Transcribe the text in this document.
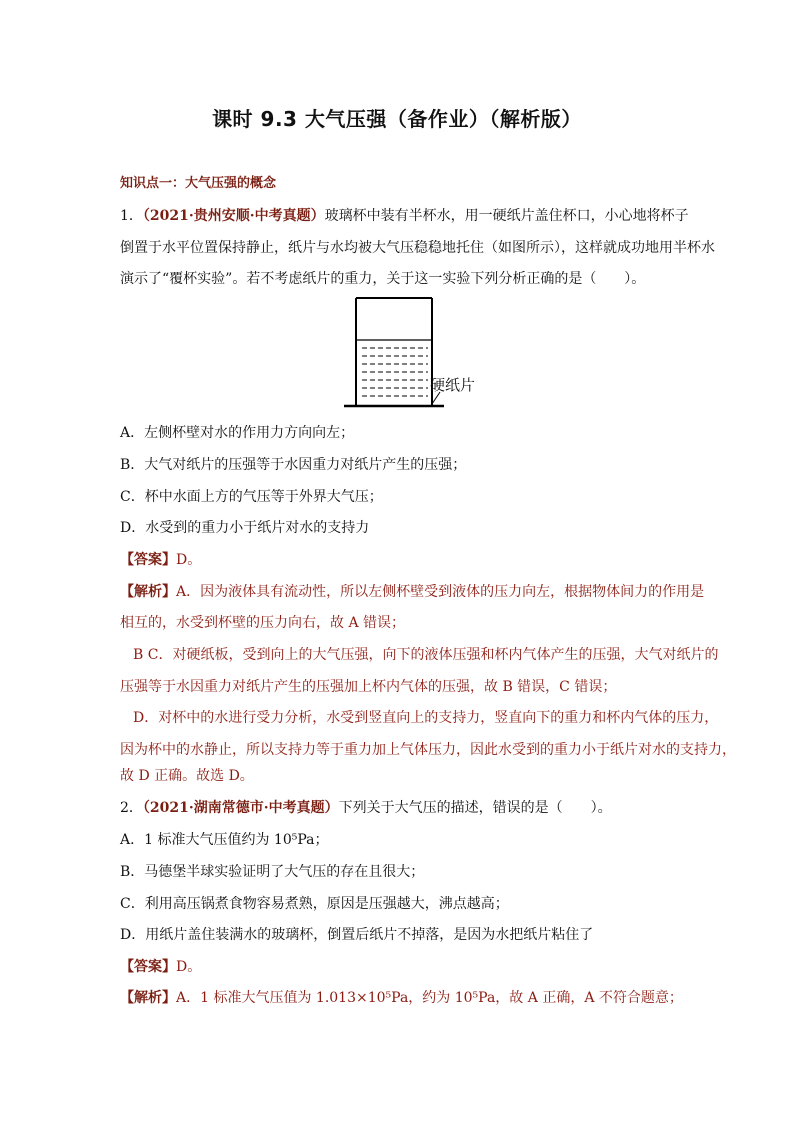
课时 9.3 大气压强（备作业）（解析版）
知识点一：大气压强的概念
1．（2021·贵州安顺·中考真题）玻璃杯中装有半杯水，用一硬纸片盖住杯口，小心地将杯子
倒置于水平位置保持静止，纸片与水均被大气压稳稳地托住（如图所示），这样就成功地用半杯水
演示了“覆杯实验”。若不考虑纸片的重力，关于这一实验下列分析正确的是（　　）。
硬纸片
A．左侧杯壁对水的作用力方向向左；
B．大气对纸片的压强等于水因重力对纸片产生的压强；
C．杯中水面上方的气压等于外界大气压；
D．水受到的重力小于纸片对水的支持力
【答案】D。
【解析】A．因为液体具有流动性，所以左侧杯壁受到液体的压力向左，根据物体间力的作用是
相互的，水受到杯壁的压力向右，故 A 错误；
B C．对硬纸板，受到向上的大气压强，向下的液体压强和杯内气体产生的压强，大气对纸片的
压强等于水因重力对纸片产生的压强加上杯内气体的压强，故 B 错误，C 错误；
D．对杯中的水进行受力分析，水受到竖直向上的支持力，竖直向下的重力和杯内气体的压力，
因为杯中的水静止，所以支持力等于重力加上气体压力，因此水受到的重力小于纸片对水的支持力，
故 D 正确。故选 D。
2．（2021·湖南常德市·中考真题）下列关于大气压的描述，错误的是（　　）。
A．1 标准大气压值约为 10⁵Pa；
B．马德堡半球实验证明了大气压的存在且很大；
C．利用高压锅煮食物容易煮熟，原因是压强越大，沸点越高；
D．用纸片盖住装满水的玻璃杯，倒置后纸片不掉落，是因为水把纸片粘住了
【答案】D。
【解析】A．1 标准大气压值为 1.013×10⁵Pa，约为 10⁵Pa，故 A 正确，A 不符合题意；
